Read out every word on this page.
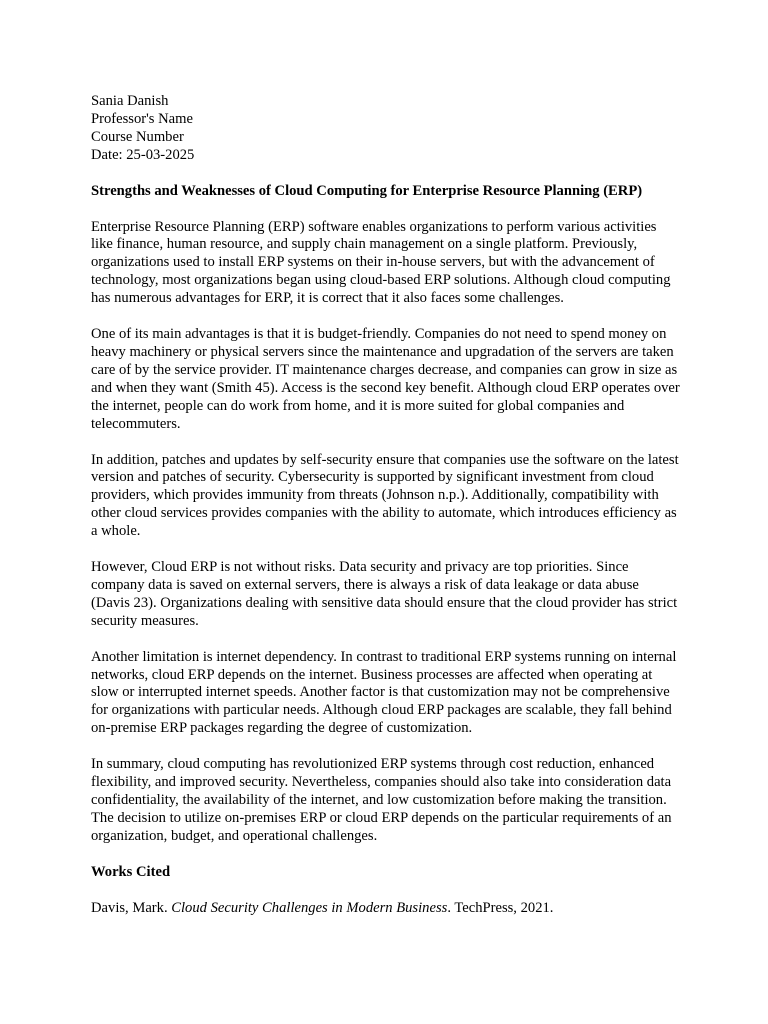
Sania Danish

Professor's Name

Course Number

Date: 25-03-2025

Strengths and Weaknesses of Cloud Computing for Enterprise Resource Planning (ERP)

Enterprise Resource Planning (ERP) software enables organizations to perform various activities like finance, human resource, and supply chain management on a single platform. Previously, organizations used to install ERP systems on their in-house servers, but with the advancement of technology, most organizations began using cloud-based ERP solutions. Although cloud computing has numerous advantages for ERP, it is correct that it also faces some challenges.

One of its main advantages is that it is budget-friendly. Companies do not need to spend money on heavy machinery or physical servers since the maintenance and upgradation of the servers are taken care of by the service provider. IT maintenance charges decrease, and companies can grow in size as and when they want (Smith 45). Access is the second key benefit. Although cloud ERP operates over the internet, people can do work from home, and it is more suited for global companies and telecommuters.

In addition, patches and updates by self-security ensure that companies use the software on the latest version and patches of security. Cybersecurity is supported by significant investment from cloud providers, which provides immunity from threats (Johnson n.p.). Additionally, compatibility with other cloud services provides companies with the ability to automate, which introduces efficiency as a whole.

However, Cloud ERP is not without risks. Data security and privacy are top priorities. Since company data is saved on external servers, there is always a risk of data leakage or data abuse (Davis 23). Organizations dealing with sensitive data should ensure that the cloud provider has strict security measures.

Another limitation is internet dependency. In contrast to traditional ERP systems running on internal networks, cloud ERP depends on the internet. Business processes are affected when operating at slow or interrupted internet speeds. Another factor is that customization may not be comprehensive for organizations with particular needs. Although cloud ERP packages are scalable, they fall behind on-premise ERP packages regarding the degree of customization.

In summary, cloud computing has revolutionized ERP systems through cost reduction, enhanced flexibility, and improved security. Nevertheless, companies should also take into consideration data confidentiality, the availability of the internet, and low customization before making the transition. The decision to utilize on-premises ERP or cloud ERP depends on the particular requirements of an organization, budget, and operational challenges.

Works Cited

Davis, Mark. Cloud Security Challenges in Modern Business. TechPress, 2021.
